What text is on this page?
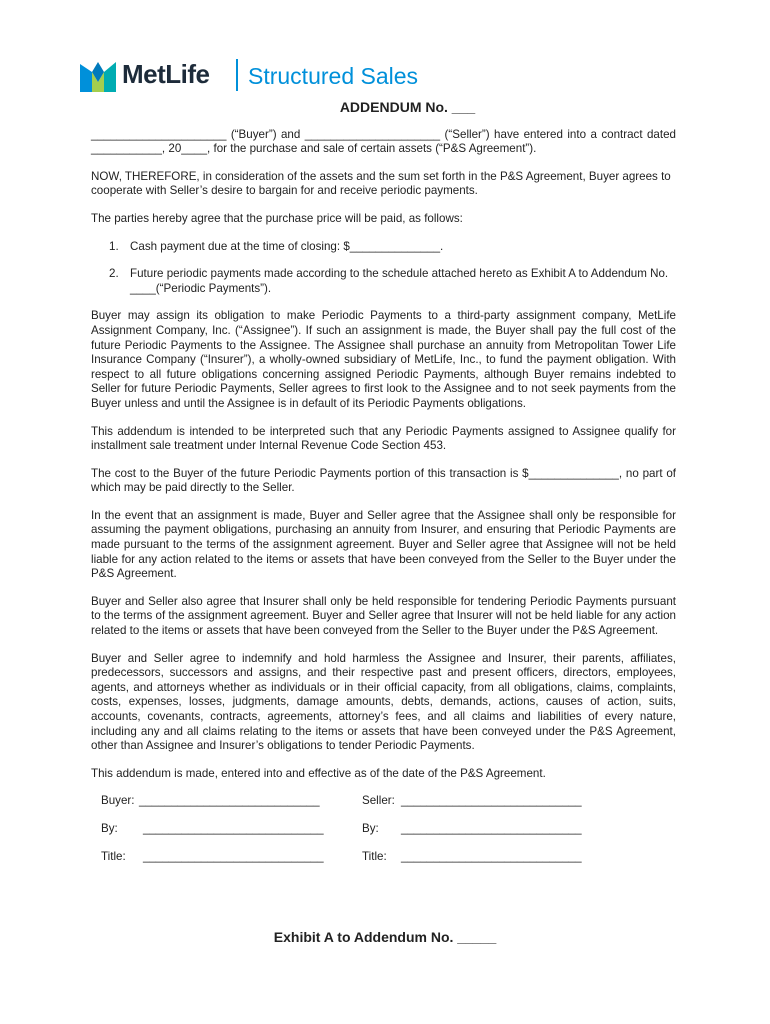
MetLife Structured Sales
ADDENDUM No. ___

_____________________ (“Buyer”) and _____________________ (“Seller”) have entered into a contract dated ___________, 20____, for the purchase and sale of certain assets (“P&S Agreement”).

NOW, THEREFORE, in consideration of the assets and the sum set forth in the P&S Agreement, Buyer agrees to cooperate with Seller’s desire to bargain for and receive periodic payments.

The parties hereby agree that the purchase price will be paid, as follows:

1. Cash payment due at the time of closing: $______________.
2. Future periodic payments made according to the schedule attached hereto as Exhibit A to Addendum No. ____(“Periodic Payments”).

Buyer may assign its obligation to make Periodic Payments to a third-party assignment company, MetLife Assignment Company, Inc. (“Assignee”). If such an assignment is made, the Buyer shall pay the full cost of the future Periodic Payments to the Assignee. The Assignee shall purchase an annuity from Metropolitan Tower Life Insurance Company (“Insurer”), a wholly-owned subsidiary of MetLife, Inc., to fund the payment obligation. With respect to all future obligations concerning assigned Periodic Payments, although Buyer remains indebted to Seller for future Periodic Payments, Seller agrees to first look to the Assignee and to not seek payments from the Buyer unless and until the Assignee is in default of its Periodic Payments obligations.

This addendum is intended to be interpreted such that any Periodic Payments assigned to Assignee qualify for installment sale treatment under Internal Revenue Code Section 453.

The cost to the Buyer of the future Periodic Payments portion of this transaction is $______________, no part of which may be paid directly to the Seller.

In the event that an assignment is made, Buyer and Seller agree that the Assignee shall only be responsible for assuming the payment obligations, purchasing an annuity from Insurer, and ensuring that Periodic Payments are made pursuant to the terms of the assignment agreement. Buyer and Seller agree that Assignee will not be held liable for any action related to the items or assets that have been conveyed from the Seller to the Buyer under the P&S Agreement.

Buyer and Seller also agree that Insurer shall only be held responsible for tendering Periodic Payments pursuant to the terms of the assignment agreement. Buyer and Seller agree that Insurer will not be held liable for any action related to the items or assets that have been conveyed from the Seller to the Buyer under the P&S Agreement.

Buyer and Seller agree to indemnify and hold harmless the Assignee and Insurer, their parents, affiliates, predecessors, successors and assigns, and their respective past and present officers, directors, employees, agents, and attorneys whether as individuals or in their official capacity, from all obligations, claims, complaints, costs, expenses, losses, judgments, damage amounts, debts, demands, actions, causes of action, suits, accounts, covenants, contracts, agreements, attorney’s fees, and all claims and liabilities of every nature, including any and all claims relating to the items or assets that have been conveyed under the P&S Agreement, other than Assignee and Insurer’s obligations to tender Periodic Payments.

This addendum is made, entered into and effective as of the date of the P&S Agreement.

Buyer: ____________________________	Seller: ____________________________
By: ____________________________	By: ____________________________
Title: ____________________________	Title: ____________________________
Exhibit A to Addendum No. _____
